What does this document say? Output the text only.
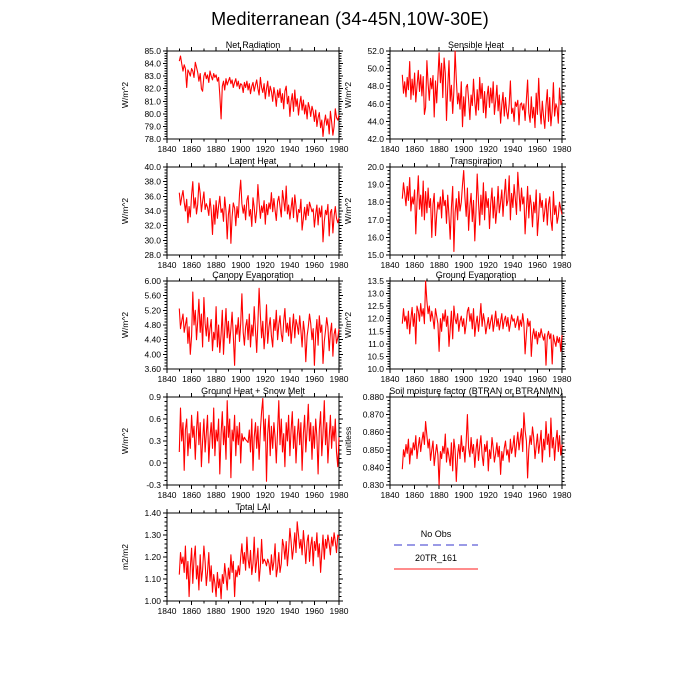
Mediterranean (34-45N,10W-30E)
Net Radiation
W/m^2
78.0
79.0
80.0
81.0
82.0
83.0
84.0
85.0
1840 1860 1880 1900 1920 1940 1960 1980
Sensible Heat
W/m^2
42.0
44.0
46.0
48.0
50.0
52.0
1840 1860 1880 1900 1920 1940 1960 1980
Latent Heat
W/m^2
28.0
30.0
32.0
34.0
36.0
38.0
40.0
1840 1860 1880 1900 1920 1940 1960 1980
Transpiration
W/m^2
15.0
16.0
17.0
18.0
19.0
20.0
1840 1860 1880 1900 1920 1940 1960 1980
Canopy Evaporation
W/m^2
3.60
4.00
4.40
4.80
5.20
5.60
6.00
1840 1860 1880 1900 1920 1940 1960 1980
Ground Evaporation
W/m^2
10.0
10.5
11.0
11.5
12.0
12.5
13.0
13.5
1840 1860 1880 1900 1920 1940 1960 1980
Ground Heat + Snow Melt
W/m^2
-0.3
0.0
0.3
0.6
0.9
1840 1860 1880 1900 1920 1940 1960 1980
Soil moisture factor (BTRAN or BTRANMN)
unitless
0.830
0.840
0.850
0.860
0.870
0.880
1840 1860 1880 1900 1920 1940 1960 1980
Total LAI
m2/m2
1.00
1.10
1.20
1.30
1.40
1840 1860 1880 1900 1920 1940 1960 1980
No Obs
20TR_161
